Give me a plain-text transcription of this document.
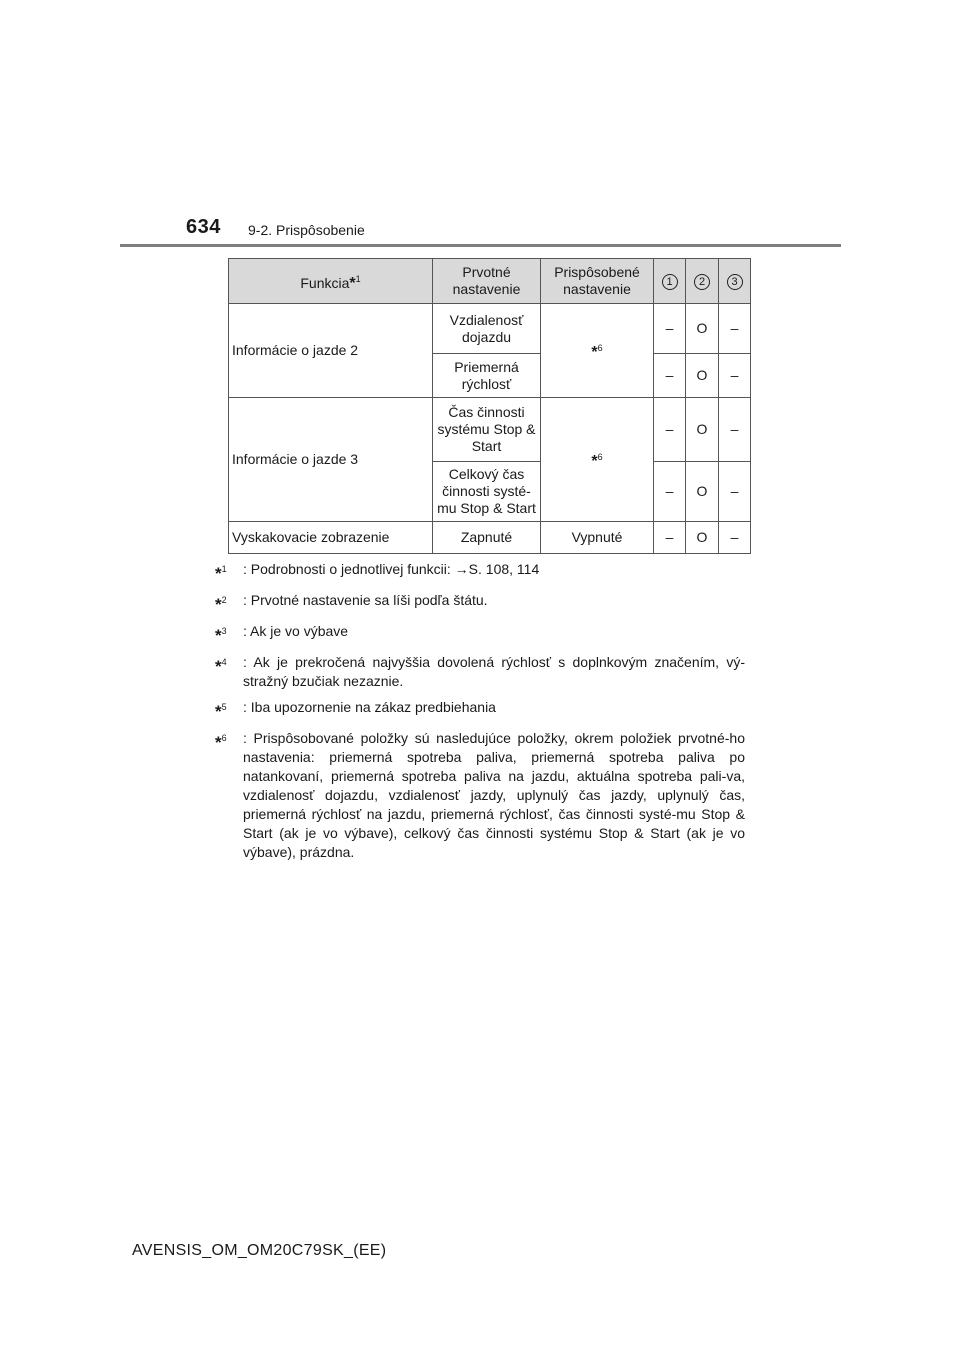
634 9-2. Prispôsobenie
Funkcia*$^1$	Prvotné nastavenie	Prispôsobené nastavenie	1	2	3
Informácie o jazde 2	Vzdialenosť dojazdu	*$^6$	–	O	–
	Priemerná rýchlosť		–	O	–
Informácie o jazde 3	Čas činnosti systému Stop & Start	*$^6$	–	O	–
	Celkový čas činnosti systé-mu Stop & Start		–	O	–
Vyskakovacie zobrazenie	Zapnuté	Vypnuté	–	O	–
*$^1$	: Podrobnosti o jednotlivej funkcii: →S. 108, 114
*$^2$	: Prvotné nastavenie sa líši podľa štátu.
*$^3$	: Ak je vo výbave
*$^4$	: Ak je prekročená najvyššia dovolená rýchlosť s doplnkovým značením, vý-stražný bzučiak nezaznie.
*$^5$	: Iba upozornenie na zákaz predbiehania
*$^6$	: Prispôsobované položky sú nasledujúce položky, okrem položiek prvotné-ho nastavenia: priemerná spotreba paliva, priemerná spotreba paliva po natankovaní, priemerná spotreba paliva na jazdu, aktuálna spotreba pali-va, vzdialenosť dojazdu, vzdialenosť jazdy, uplynulý čas jazdy, uplynulý čas, priemerná rýchlosť na jazdu, priemerná rýchlosť, čas činnosti systé-mu Stop & Start (ak je vo výbave), celkový čas činnosti systému Stop & Start (ak je vo výbave), prázdna.
AVENSIS_OM_OM20C79SK_(EE)
